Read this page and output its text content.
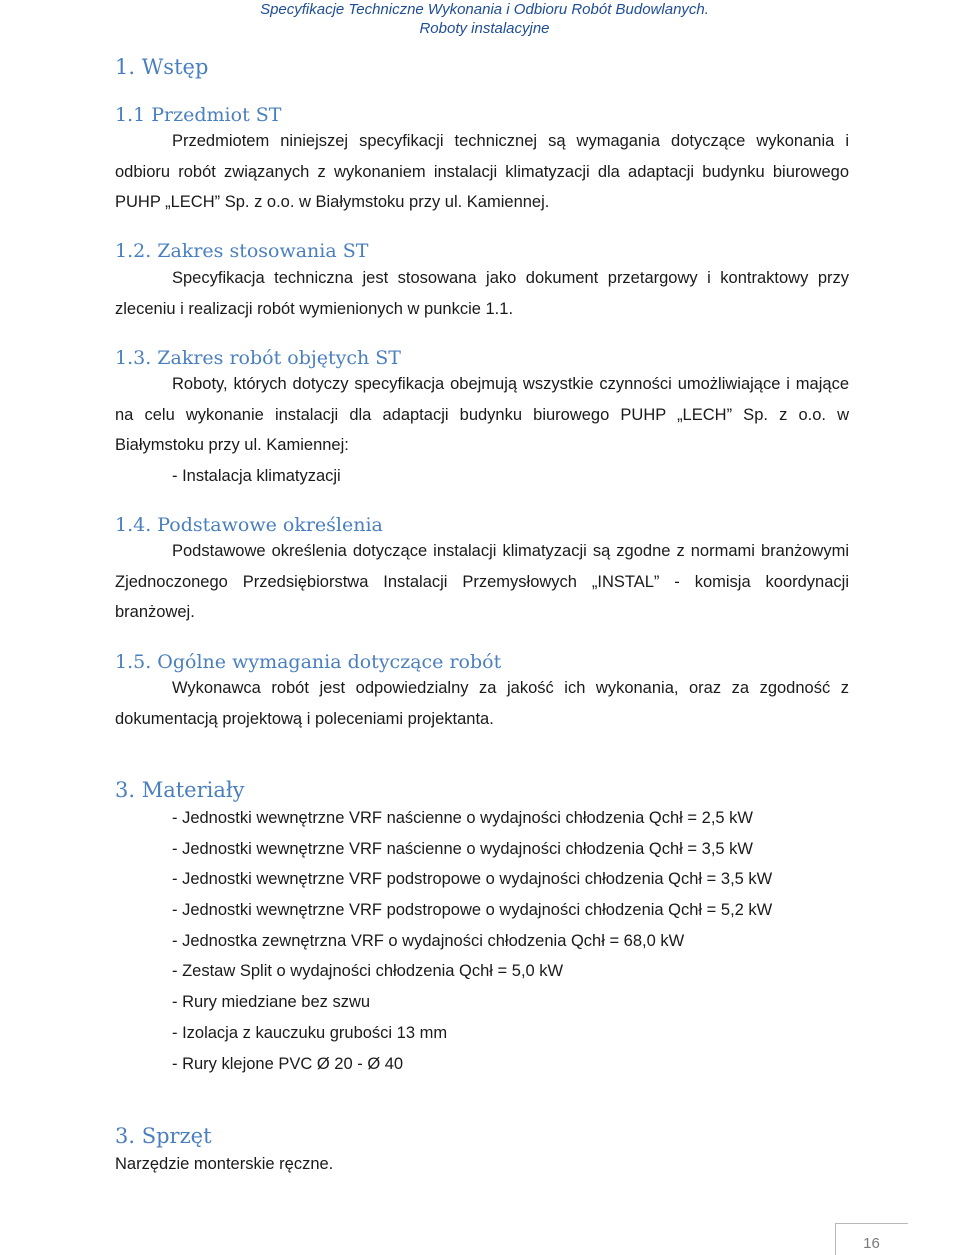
Specyfikacje Techniczne Wykonania i Odbioru Robót Budowlanych.
Roboty instalacyjne
1. Wstęp
1.1 Przedmiot ST

Przedmiotem niniejszej specyfikacji technicznej są wymagania dotyczące wykonania i odbioru robót związanych z wykonaniem instalacji klimatyzacji dla adaptacji budynku biurowego PUHP „LECH” Sp. z o.o. w Białymstoku przy ul. Kamiennej.

1.2. Zakres stosowania ST

Specyfikacja techniczna jest stosowana jako dokument przetargowy i kontraktowy przy zleceniu i realizacji robót wymienionych w punkcie 1.1.

1.3. Zakres robót objętych ST

Roboty, których dotyczy specyfikacja obejmują wszystkie czynności umożliwiające i mające na celu wykonanie instalacji dla adaptacji budynku biurowego PUHP „LECH” Sp. z o.o. w Białymstoku przy ul. Kamiennej:

- Instalacja klimatyzacji

1.4. Podstawowe określenia

Podstawowe określenia dotyczące instalacji klimatyzacji są zgodne z normami branżowymi Zjednoczonego Przedsiębiorstwa Instalacji Przemysłowych „INSTAL” - komisja koordynacji branżowej.

1.5. Ogólne wymagania dotyczące robót

Wykonawca robót jest odpowiedzialny za jakość ich wykonania, oraz za zgodność z dokumentacją projektową i poleceniami projektanta.

3. Materiały
- Jednostki wewnętrzne VRF naścienne o wydajności chłodzenia Qchł = 2,5 kW
- Jednostki wewnętrzne VRF naścienne o wydajności chłodzenia Qchł = 3,5 kW
- Jednostki wewnętrzne VRF podstropowe o wydajności chłodzenia Qchł = 3,5 kW
- Jednostki wewnętrzne VRF podstropowe o wydajności chłodzenia Qchł = 5,2 kW
- Jednostka zewnętrzna VRF o wydajności chłodzenia Qchł = 68,0 kW
- Zestaw Split o wydajności chłodzenia Qchł = 5,0 kW
- Rury miedziane bez szwu
- Izolacja z kauczuku grubości 13 mm
- Rury klejone PVC Ø 20 - Ø 40
3. Sprzęt

Narzędzie monterskie ręczne.

16
